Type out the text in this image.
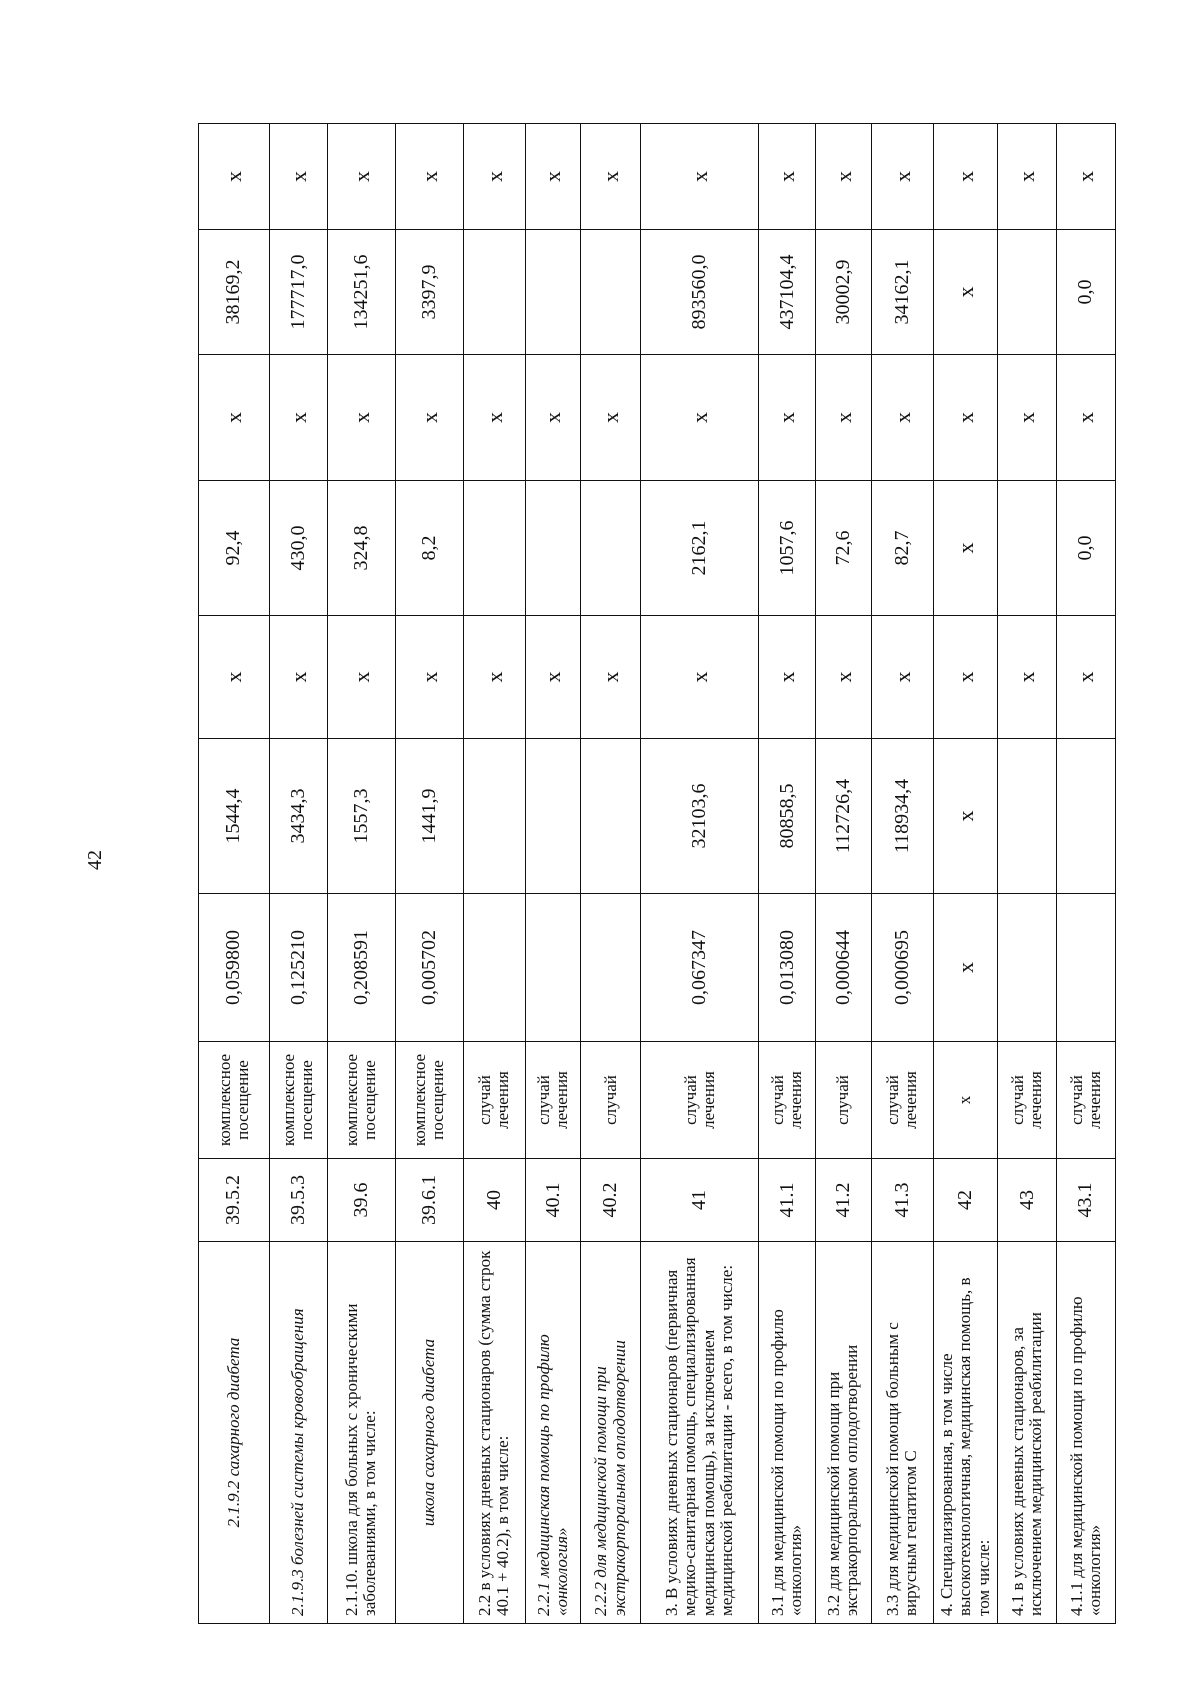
42
2.1.9.2 сахарного диабета	39.5.2	комплексное посещение	0,059800	1544,4	х	92,4	х	38169,2	х
2.1.9.3 болезней системы кровообращения	39.5.3	комплексное посещение	0,125210	3434,3	х	430,0	х	177717,0	х
2.1.10. школа для больных с хроническими заболеваниями, в том числе:	39.6	комплексное посещение	0,208591	1557,3	х	324,8	х	134251,6	х
школа сахарного диабета	39.6.1	комплексное посещение	0,005702	1441,9	х	8,2	х	3397,9	х
2.2 в условиях дневных стационаров (сумма строк 40.1 + 40.2), в том числе:	40	случай лечения			х		х		х
2.2.1 медицинская помощь по профилю «онкология»	40.1	случай лечения			х		х		х
2.2.2 для медицинской помощи при экстракорпоральном оплодотворении	40.2	случай			х		х		х
3. В условиях дневных стационаров (первичная медико-санитарная помощь, специализированная медицинская помощь), за исключением медицинской реабилитации - всего, в том числе:	41	случай лечения	0,067347	32103,6	х	2162,1	х	893560,0	х
3.1 для медицинской помощи по профилю «онкология»	41.1	случай лечения	0,013080	80858,5	х	1057,6	х	437104,4	х
3.2 для медицинской помощи при экстракорпоральном оплодотворении	41.2	случай	0,000644	112726,4	х	72,6	х	30002,9	х
3.3 для медицинской помощи больным с вирусным гепатитом С	41.3	случай лечения	0,000695	118934,4	х	82,7	х	34162,1	х
4. Специализированная, в том числе высокотехнологичная, медицинская помощь, в том числе:	42	х	х	х	х	х	х	х	х
4.1 в условиях дневных стационаров, за исключением медицинской реабилитации	43	случай лечения			х		х		х
4.1.1 для медицинской помощи по профилю «онкология»	43.1	случай лечения			х	0,0	х	0,0	х
